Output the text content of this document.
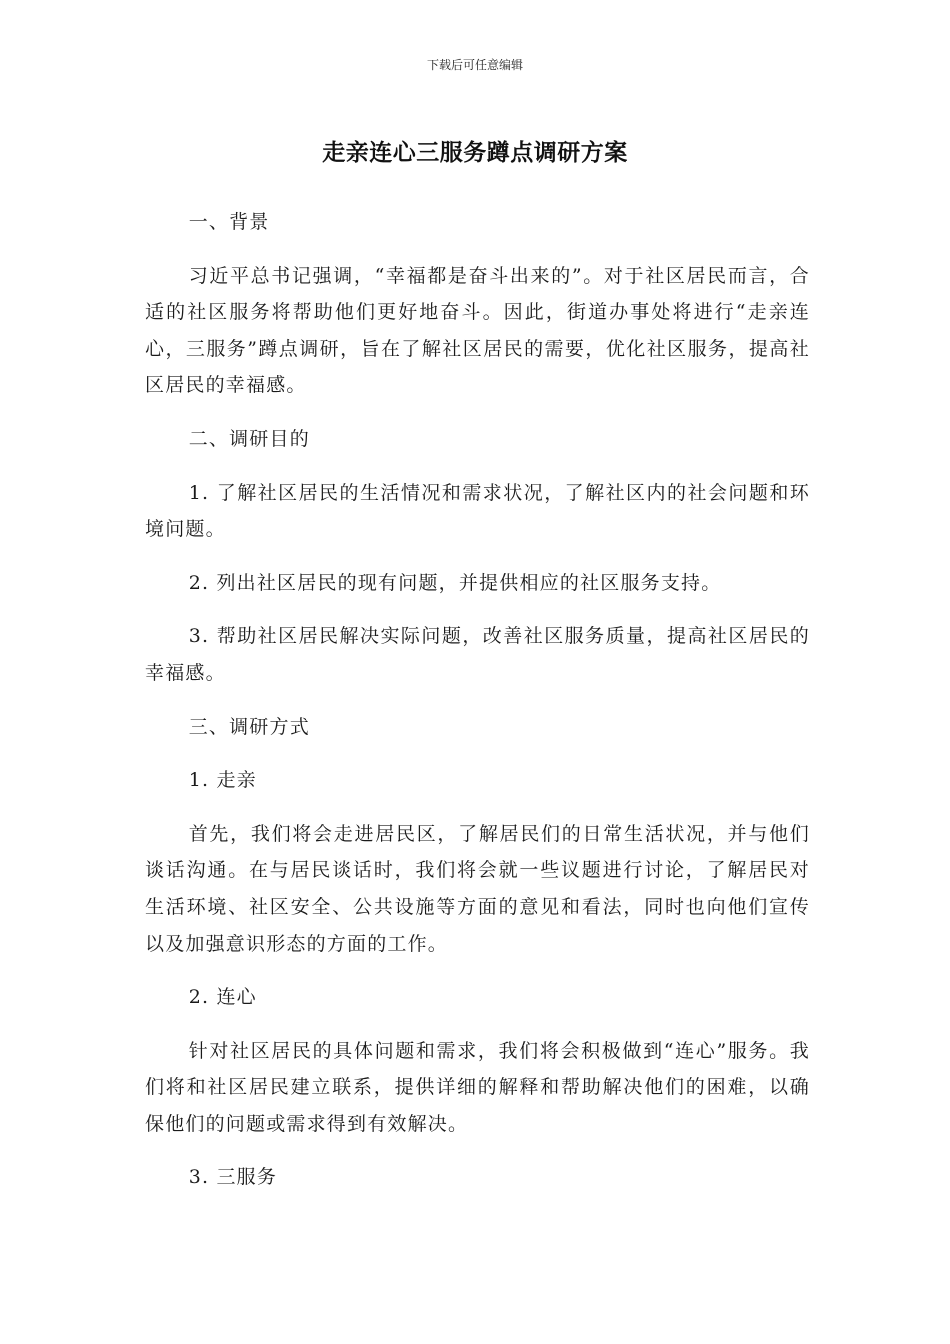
下载后可任意编辑
走亲连心三服务蹲点调研方案

一、背景

习近平总书记强调，“幸福都是奋斗出来的”。对于社区居民而言，合适的社区服务将帮助他们更好地奋斗。因此，街道办事处将进行“走亲连心，三服务”蹲点调研，旨在了解社区居民的需要，优化社区服务，提高社区居民的幸福感。

二、调研目的

1. 了解社区居民的生活情况和需求状况，了解社区内的社会问题和环境问题。

2. 列出社区居民的现有问题，并提供相应的社区服务支持。

3. 帮助社区居民解决实际问题，改善社区服务质量，提高社区居民的幸福感。

三、调研方式

1. 走亲

首先，我们将会走进居民区，了解居民们的日常生活状况，并与他们谈话沟通。在与居民谈话时，我们将会就一些议题进行讨论，了解居民对生活环境、社区安全、公共设施等方面的意见和看法，同时也向他们宣传以及加强意识形态的方面的工作。

2. 连心

针对社区居民的具体问题和需求，我们将会积极做到“连心”服务。我们将和社区居民建立联系，提供详细的解释和帮助解决他们的困难，以确保他们的问题或需求得到有效解决。

3. 三服务
